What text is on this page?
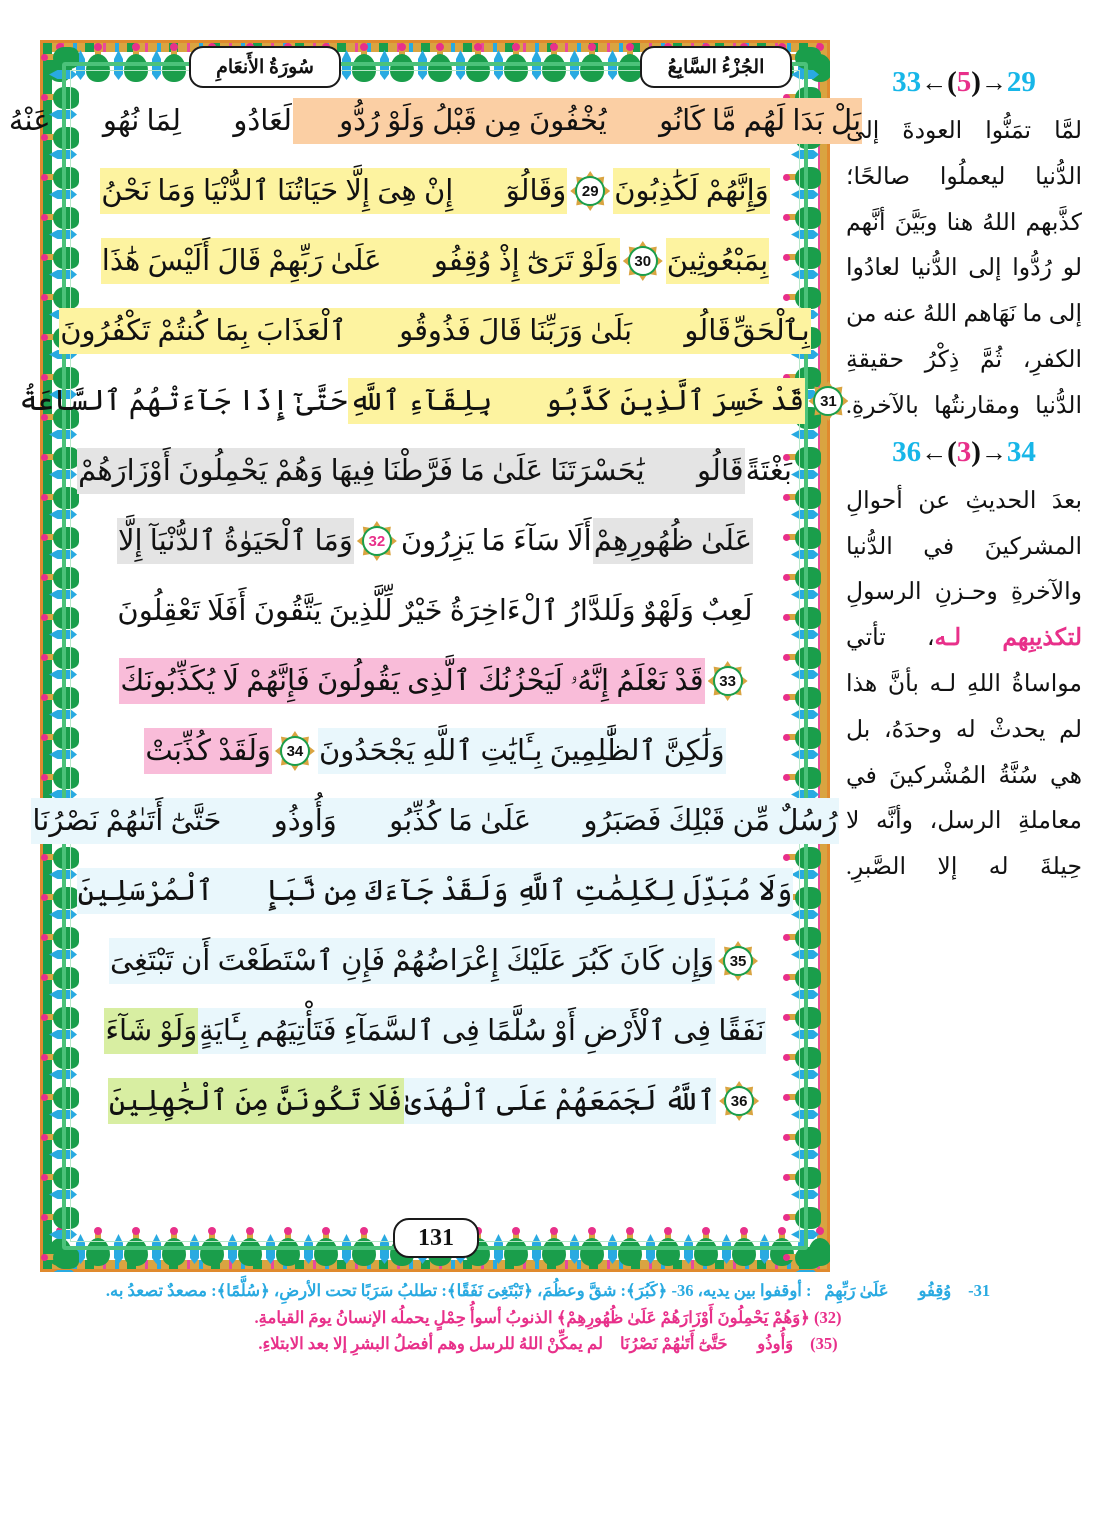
سُورَةُ الأَنعَامِ	الجُزْءُ السَّابِعُ
131
بَلْ بَدَا لَهُم مَّا كَانُوا۟ يُخْفُونَ مِن قَبْلُ وَلَوْ رُدُّوا۟
لَعَادُوا۟ لِمَا نُهُوا۟ عَنْهُ
وَإِنَّهُمْ لَكَٰذِبُونَ
29
وَقَالُوٓا۟ إِنْ هِىَ إِلَّا حَيَاتُنَا ٱلدُّنْيَا وَمَا نَحْنُ
بِمَبْعُوثِينَ
30
وَلَوْ تَرَىٰٓ إِذْ وُقِفُوا۟ عَلَىٰ رَبِّهِمْ قَالَ أَلَيْسَ هَٰذَا
بِٱلْحَقِّ
قَالُوا۟ بَلَىٰ وَرَبِّنَا قَالَ فَذُوقُوا۟ ٱلْعَذَابَ بِمَا كُنتُمْ تَكْفُرُونَ
31
قَدْ خَسِرَ ٱلَّذِينَ كَذَّبُوا۟ بِلِقَآءِ ٱللَّهِ
حَتَّىٰٓ إِذَا جَآءَتْهُمُ ٱلسَّاعَةُ
بَغْتَةً
قَالُوا۟ يَٰحَسْرَتَنَا عَلَىٰ مَا فَرَّطْنَا فِيهَا وَهُمْ يَحْمِلُونَ أَوْزَارَهُمْ
عَلَىٰ ظُهُورِهِمْ
أَلَا سَآءَ مَا يَزِرُونَ
32
وَمَا ٱلْحَيَوٰةُ ٱلدُّنْيَآ إِلَّا
لَعِبٌ وَلَهْوٌ وَلَلدَّارُ ٱلْءَاخِرَةُ خَيْرٌ لِّلَّذِينَ يَتَّقُونَ أَفَلَا تَعْقِلُونَ
33
قَدْ نَعْلَمُ إِنَّهُۥ لَيَحْزُنُكَ ٱلَّذِى يَقُولُونَ فَإِنَّهُمْ لَا يُكَذِّبُونَكَ
وَلَٰكِنَّ ٱلظَّٰلِمِينَ بِـَٔايَٰتِ ٱللَّهِ يَجْحَدُونَ
34
وَلَقَدْ كُذِّبَتْ
رُسُلٌ مِّن قَبْلِكَ فَصَبَرُوا۟ عَلَىٰ مَا كُذِّبُوا۟ وَأُوذُوا۟ حَتَّىٰٓ أَتَىٰهُمْ نَصْرُنَا
وَلَا مُبَدِّلَ لِكَلِمَٰتِ ٱللَّهِ وَلَقَدْ جَآءَكَ مِن نَّبَإِى۟ ٱلْمُرْسَلِينَ
35
وَإِن كَانَ كَبُرَ عَلَيْكَ إِعْرَاضُهُمْ فَإِنِ ٱسْتَطَعْتَ أَن تَبْتَغِىَ
نَفَقًا فِى ٱلْأَرْضِ أَوْ سُلَّمًا فِى ٱلسَّمَآءِ فَتَأْتِيَهُم بِـَٔايَةٍ
وَلَوْ شَآءَ
36
ٱللَّهُ لَجَمَعَهُمْ عَلَى ٱلْهُدَىٰ
فَلَا تَكُونَنَّ مِنَ ٱلْجَٰهِلِينَ
33←(5)→29
لمَّا تمَنُّوا العودةَ إلى الدُّنيا ليعملُوا صالحًا؛ كذَّبهم اللهُ هنا وبَيَّنَ أنَّهم لو رُدُّوا إلى الدُّنيا لعادُوا إلى ما نَهَاهم اللهُ عنه من الكفرِ، ثُمَّ ذِكْرُ حقيقةِ الدُّنيا ومقارنتُها بالآخرةِ.
36←(3)→34
بعدَ الحديثِ عن أحوالِ المشركينَ في الدُّنيا والآخرةِ وحـزنِ الرسولِ لتكذيبِهم لـه، تأتي مواساةُ اللهِ لـه بأنَّ هذا لم يحدثْ له وحدَهُ، بل هي سُنَّةُ المُشْركينَ في معاملةِ الرسل، وأنَّه لا حِيلةَ له إلا الصَّبرِ.
31- ﴿وُقِفُوا۟ عَلَىٰ رَبِّهِمْ﴾: أوقفوا بين يديه، 36- ﴿كَبُرَ﴾: شقَّ وعظُمَ، ﴿تَبْتَغِىَ نَفَقًا﴾: تطلبُ سَرَبًا تحت الأرضِ، ﴿سُلَّمًا﴾: مصعدٌ تصعدُ به.
(32) ﴿وَهُمْ يَحْمِلُونَ أَوْزَارَهُمْ عَلَىٰ ظُهُورِهِمْ﴾ الذنوبُ أسوأُ حِمْلٍ يحملُه الإنسانُ يومَ القيامةِ.
(35) ﴿وَأُوذُوا۟ حَتَّىٰٓ أَتَىٰهُمْ نَصْرُنَا﴾ لم يمكِّنْ اللهُ للرسل وهم أفضلُ البشرِ إلا بعد الابتلاءِ.
